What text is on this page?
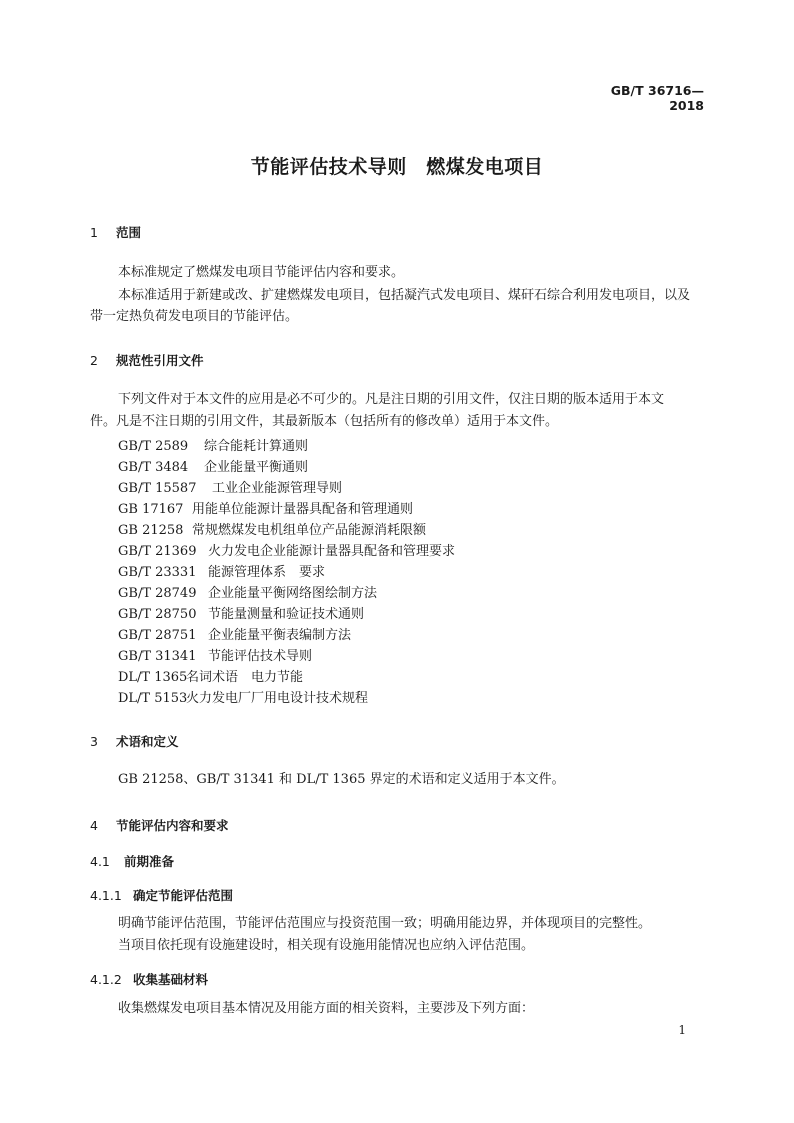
GB/T 36716—2018
节能评估技术导则　燃煤发电项目
1 范围
本标准规定了燃煤发电项目节能评估内容和要求。
本标准适用于新建或改、扩建燃煤发电项目，包括凝汽式发电项目、煤矸石综合利用发电项目，以及
带一定热负荷发电项目的节能评估。
2 规范性引用文件
下列文件对于本文件的应用是必不可少的。凡是注日期的引用文件，仅注日期的版本适用于本文
件。凡是不注日期的引用文件，其最新版本（包括所有的修改单）适用于本文件。
GB/T 2589 综合能耗计算通则
GB/T 3484 企业能量平衡通则
GB/T 15587 工业企业能源管理导则
GB 17167 用能单位能源计量器具配备和管理通则
GB 21258 常规燃煤发电机组单位产品能源消耗限额
GB/T 21369 火力发电企业能源计量器具配备和管理要求
GB/T 23331 能源管理体系　要求
GB/T 28749 企业能量平衡网络图绘制方法
GB/T 28750 节能量测量和验证技术通则
GB/T 28751 企业能量平衡表编制方法
GB/T 31341 节能评估技术导则
DL/T 1365名词术语　电力节能
DL/T 5153火力发电厂厂用电设计技术规程
3 术语和定义
GB 21258、GB/T 31341 和 DL/T 1365 界定的术语和定义适用于本文件。
4 节能评估内容和要求
4.1 前期准备
4.1.1 确定节能评估范围
明确节能评估范围，节能评估范围应与投资范围一致；明确用能边界，并体现项目的完整性。
当项目依托现有设施建设时，相关现有设施用能情况也应纳入评估范围。
4.1.2 收集基础材料
收集燃煤发电项目基本情况及用能方面的相关资料，主要涉及下列方面：
1
